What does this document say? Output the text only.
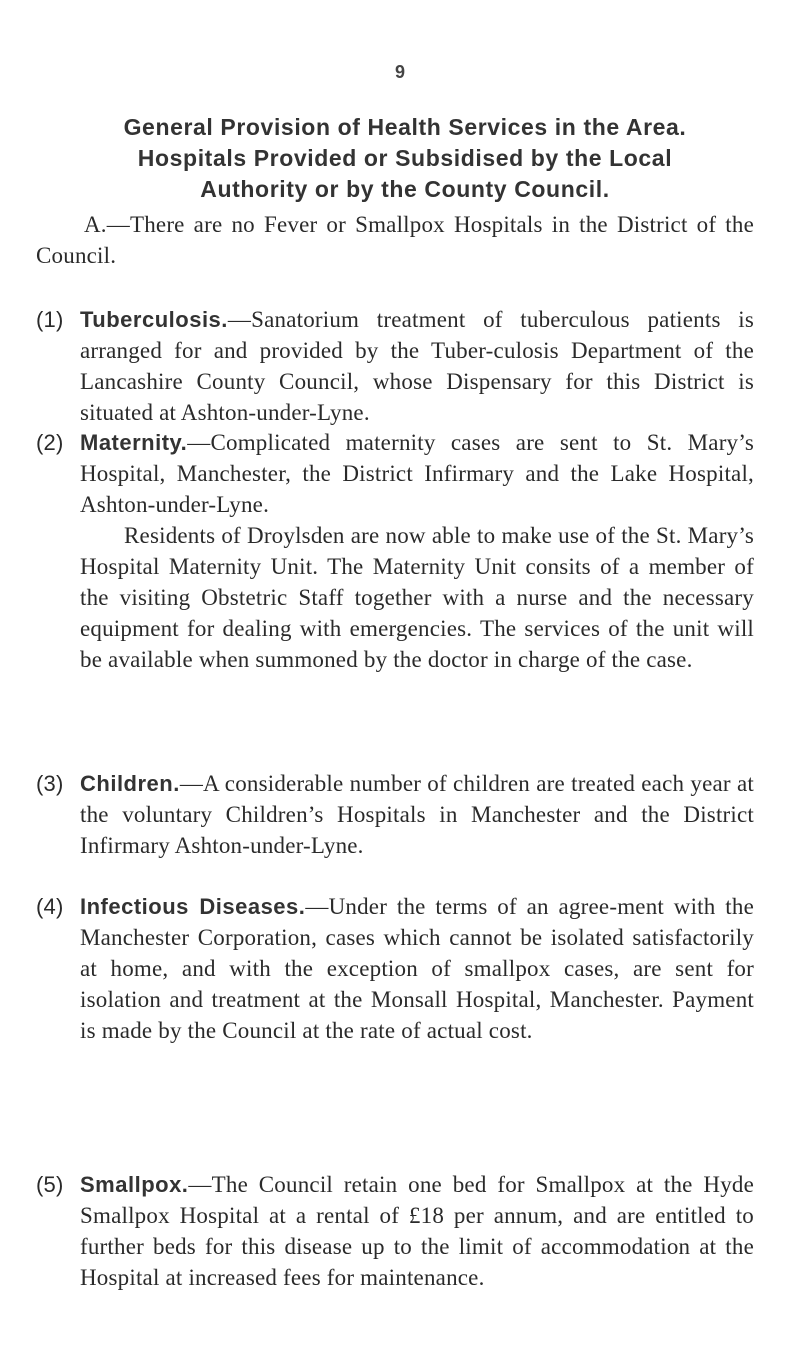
9
General Provision of Health Services in the Area.
Hospitals Provided or Subsidised by the Local
Authority or by the County Council.

A.—There are no Fever or Smallpox Hospitals in the District of the Council.

(1) Tuberculosis.—Sanatorium treatment of tuberculous patients is arranged for and provided by the Tuber-culosis Department of the Lancashire County Council, whose Dispensary for this District is situated at Ashton-under-Lyne.
(2) Maternity.—Complicated maternity cases are sent to St. Mary’s Hospital, Manchester, the District Infirmary and the Lake Hospital, Ashton-under-Lyne.
Residents of Droylsden are now able to make use of the St. Mary’s Hospital Maternity Unit. The Maternity Unit consits of a member of the visiting Obstetric Staff together with a nurse and the necessary equipment for dealing with emergencies. The services of the unit will be available when summoned by the doctor in charge of the case.
(3) Children.—A considerable number of children are treated each year at the voluntary Children’s Hospitals in Manchester and the District Infirmary Ashton-under-Lyne.
(4) Infectious Diseases.—Under the terms of an agree-ment with the Manchester Corporation, cases which cannot be isolated satisfactorily at home, and with the exception of smallpox cases, are sent for isolation and treatment at the Monsall Hospital, Manchester. Payment is made by the Council at the rate of actual cost.
(5) Smallpox.—The Council retain one bed for Smallpox at the Hyde Smallpox Hospital at a rental of £18 per annum, and are entitled to further beds for this disease up to the limit of accommodation at the Hospital at increased fees for maintenance.
